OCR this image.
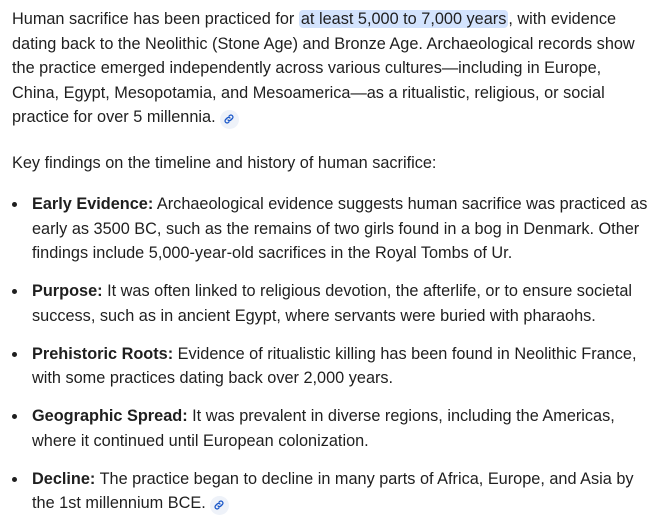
Human sacrifice has been practiced for at least 5,000 to 7,000 years , with evidence dating back to the Neolithic (Stone Age) and Bronze Age. Archaeological records show the practice emerged independently across various cultures—including in Europe, China, Egypt, Mesopotamia, and Mesoamerica—as a ritualistic, religious, or social practice for over 5 millennia.

Key findings on the timeline and history of human sacrifice:

Early Evidence: Archaeological evidence suggests human sacrifice was practiced as early as 3500 BC, such as the remains of two girls found in a bog in Denmark. Other findings include 5,000-year-old sacrifices in the Royal Tombs of Ur.
Purpose: It was often linked to religious devotion, the afterlife, or to ensure societal success, such as in ancient Egypt, where servants were buried with pharaohs.
Prehistoric Roots: Evidence of ritualistic killing has been found in Neolithic France, with some practices dating back over 2,000 years.
Geographic Spread: It was prevalent in diverse regions, including the Americas, where it continued until European colonization.
Decline: The practice began to decline in many parts of Africa, Europe, and Asia by the 1st millennium BCE.
